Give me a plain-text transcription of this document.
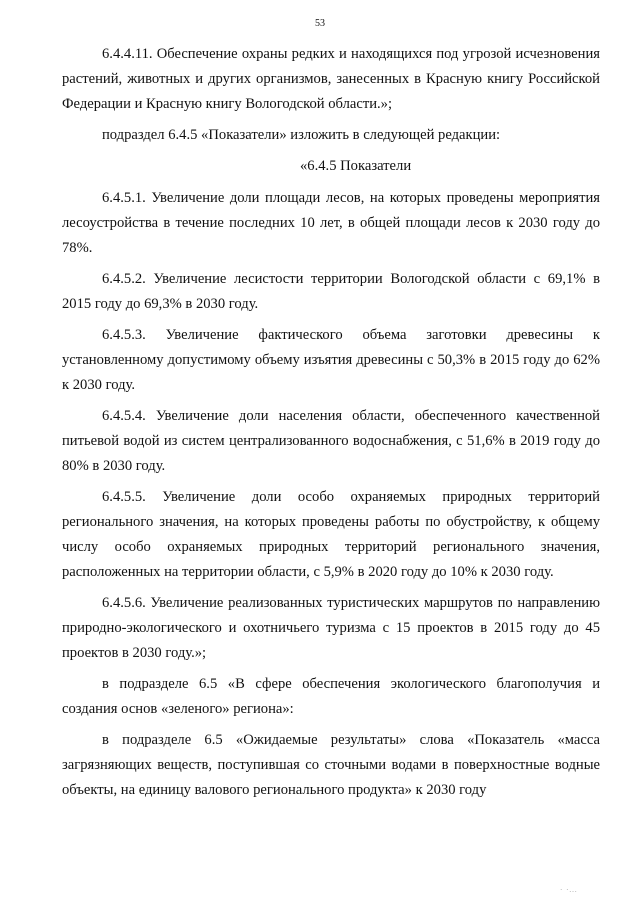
53

6.4.4.11. Обеспечение охраны редких и находящихся под угрозой исчезновения растений, животных и других организмов, занесенных в Красную книгу Российской Федерации и Красную книгу Вологодской области.»;

подраздел 6.4.5 «Показатели» изложить в следующей редакции:

«6.4.5 Показатели

6.4.5.1. Увеличение доли площади лесов, на которых проведены мероприятия лесоустройства в течение последних 10 лет, в общей площади лесов к 2030 году до 78%.

6.4.5.2. Увеличение лесистости территории Вологодской области с 69,1% в 2015 году до 69,3% в 2030 году.

6.4.5.3. Увеличение фактического объема заготовки древесины к установленному допустимому объему изъятия древесины с 50,3% в 2015 году до 62% к 2030 году.

6.4.5.4. Увеличение доли населения области, обеспеченного качественной питьевой водой из систем централизованного водоснабжения, с 51,6% в 2019 году до 80% в 2030 году.

6.4.5.5. Увеличение доли особо охраняемых природных территорий регионального значения, на которых проведены работы по обустройству, к общему числу особо охраняемых природных территорий регионального значения, расположенных на территории области, с 5,9% в 2020 году до 10% к 2030 году.

6.4.5.6. Увеличение реализованных туристических маршрутов по направлению природно-экологического и охотничьего туризма с 15 проектов в 2015 году до 45 проектов в 2030 году.»;

в подразделе 6.5 «В сфере обеспечения экологического благополучия и создания основ «зеленого» региона»:

в подразделе 6.5 «Ожидаемые результаты» слова «Показатель «масса загрязняющих веществ, поступившая со сточными водами в поверхностные водные объекты, на единицу валового регионального продукта» к 2030 году

· ·...
